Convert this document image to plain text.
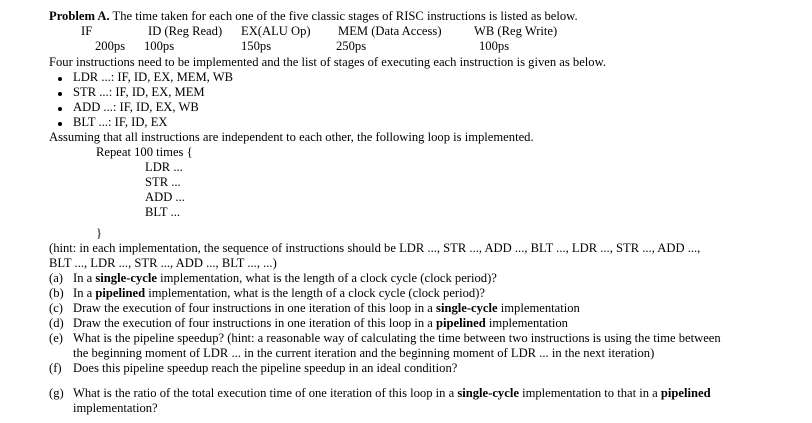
Problem A. The time taken for each one of the five classic stages of RISC instructions is listed as below.
IF	ID (Reg Read) EX(ALU Op) MEM (Data Access)	WB (Reg Write)
200ps 100ps	150ps	250ps	100ps
Four instructions need to be implemented and the list of stages of executing each instruction is given as below.
LDR ...: IF, ID, EX, MEM, WB
STR ...: IF, ID, EX, MEM
ADD ...: IF, ID, EX, WB
BLT ...: IF, ID, EX
Assuming that all instructions are independent to each other, the following loop is implemented.
Repeat 100 times {
LDR ...
STR ...
ADD ...
BLT ...
}
(hint: in each implementation, the sequence of instructions should be LDR ..., STR ..., ADD ..., BLT ..., LDR ..., STR ..., ADD ...,
BLT ..., LDR ..., STR ..., ADD ..., BLT ..., ...)
(a) In a single-cycle implementation, what is the length of a clock cycle (clock period)?
(b) In a pipelined implementation, what is the length of a clock cycle (clock period)?
(c) Draw the execution of four instructions in one iteration of this loop in a single-cycle implementation
(d) Draw the execution of four instructions in one iteration of this loop in a pipelined implementation
(e) What is the pipeline speedup? (hint: a reasonable way of calculating the time between two instructions is using the time between
the beginning moment of LDR ... in the current iteration and the beginning moment of LDR ... in the next iteration)
(f) Does this pipeline speedup reach the pipeline speedup in an ideal condition?
(g) What is the ratio of the total execution time of one iteration of this loop in a single-cycle implementation to that in a pipelined
implementation?
